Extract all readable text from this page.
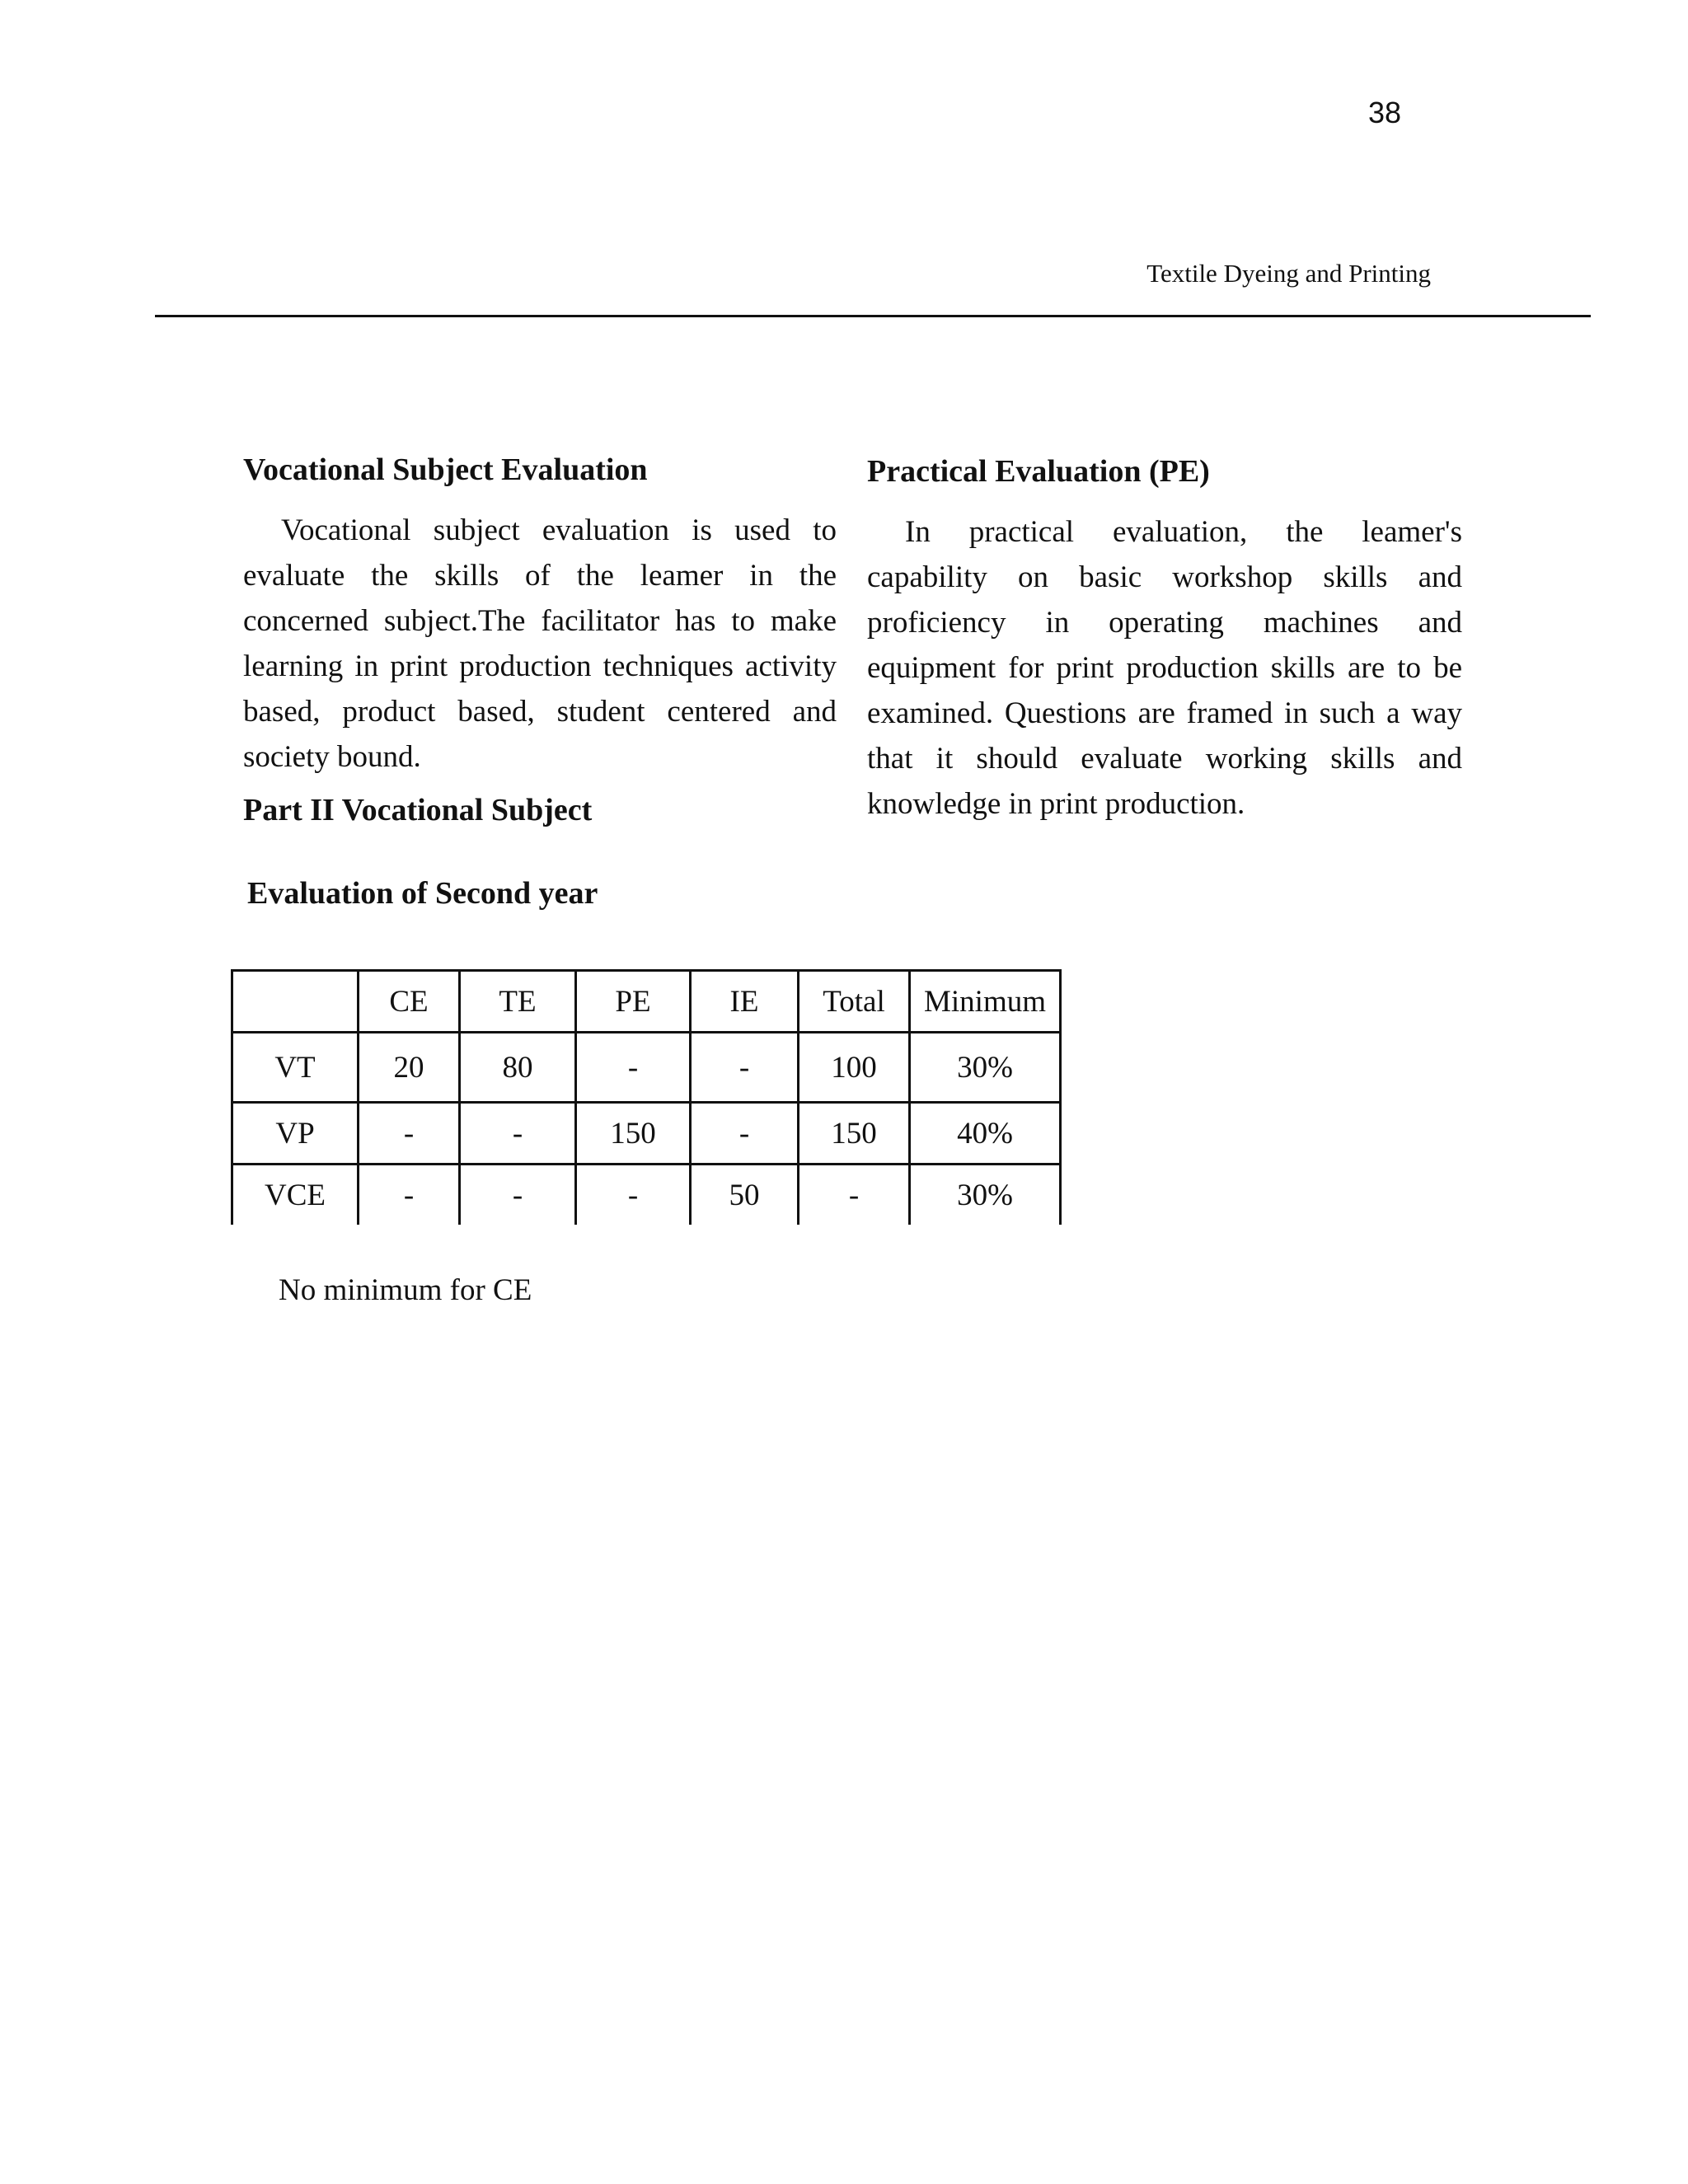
38
Textile Dyeing and Printing
Vocational Subject Evaluation

Vocational subject evaluation is used to evaluate the skills of the leamer in the concerned subject.The facilitator has to make learning in print production techniques activity based, product based, student centered and society bound.

Part II Vocational Subject
Practical Evaluation (PE)

In practical evaluation, the leamer's capability on basic workshop skills and proficiency in operating machines and equipment for print production skills are to be examined. Questions are framed in such a way that it should evaluate working skills and knowledge in print production.

Evaluation of Second year
	CE	TE	PE	IE	Total	Minimum
VT	20	80	-	-	100	30%
VP	-	-	150	-	150	40%
VCE	-	-	-	50	-	30%
No minimum for CE
